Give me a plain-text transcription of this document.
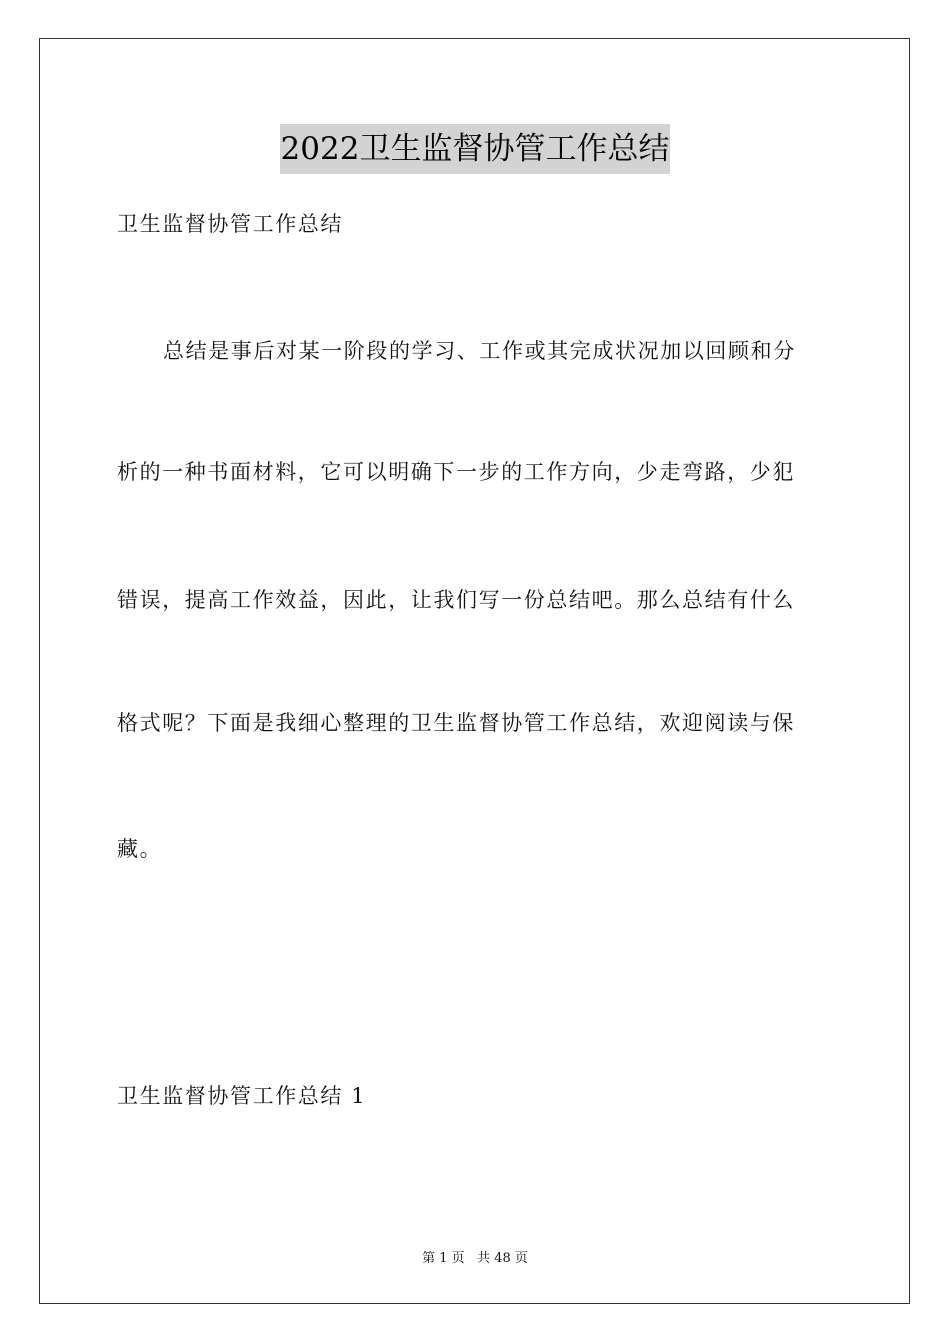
2022卫生监督协管工作总结
卫生监督协管工作总结
总结是事后对某一阶段的学习、工作或其完成状况加以回顾和分
析的一种书面材料，它可以明确下一步的工作方向，少走弯路，少犯
错误，提高工作效益，因此，让我们写一份总结吧。那么总结有什么
格式呢？下面是我细心整理的卫生监督协管工作总结，欢迎阅读与保
藏。
卫生监督协管工作总结 1
第 1 页   共 48 页
